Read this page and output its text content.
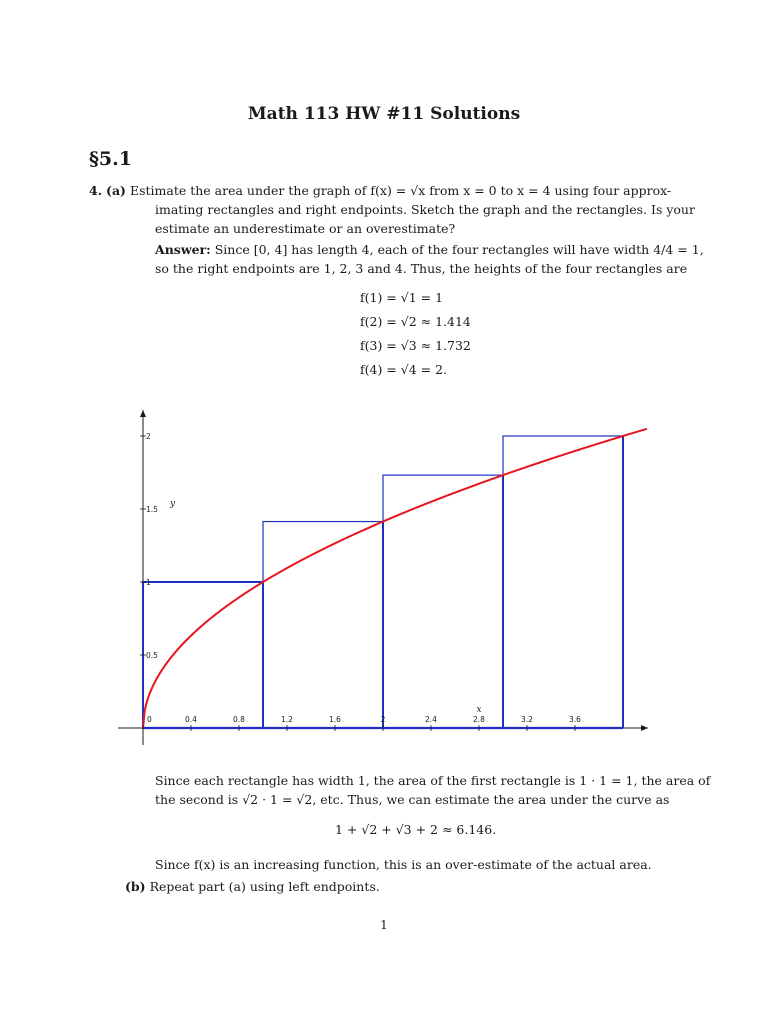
Math 113 HW #11 Solutions
§5.1
4. (a) Estimate the area under the graph of f(x) = √x from x = 0 to x = 4 using four approx-
imating rectangles and right endpoints. Sketch the graph and the rectangles. Is your
estimate an underestimate or an overestimate?
Answer: Since [0, 4] has length 4, each of the four rectangles will have width 4/4 = 1,
so the right endpoints are 1, 2, 3 and 4. Thus, the heights of the four rectangles are
f(1) = √1 = 1
f(2) = √2 ≈ 1.414
f(3) = √3 ≈ 1.732
f(4) = √4 = 2.
0	0.4	0.8	1.2	1.6	2	2.4	2.8	3.2	3.6
0.5
1
1.5
2
x
y
Since each rectangle has width 1, the area of the first rectangle is 1 · 1 = 1, the area of
the second is √2 · 1 = √2, etc. Thus, we can estimate the area under the curve as
1 + √2 + √3 + 2 ≈ 6.146.
Since f(x) is an increasing function, this is an over-estimate of the actual area.
(b) Repeat part (a) using left endpoints.
1
